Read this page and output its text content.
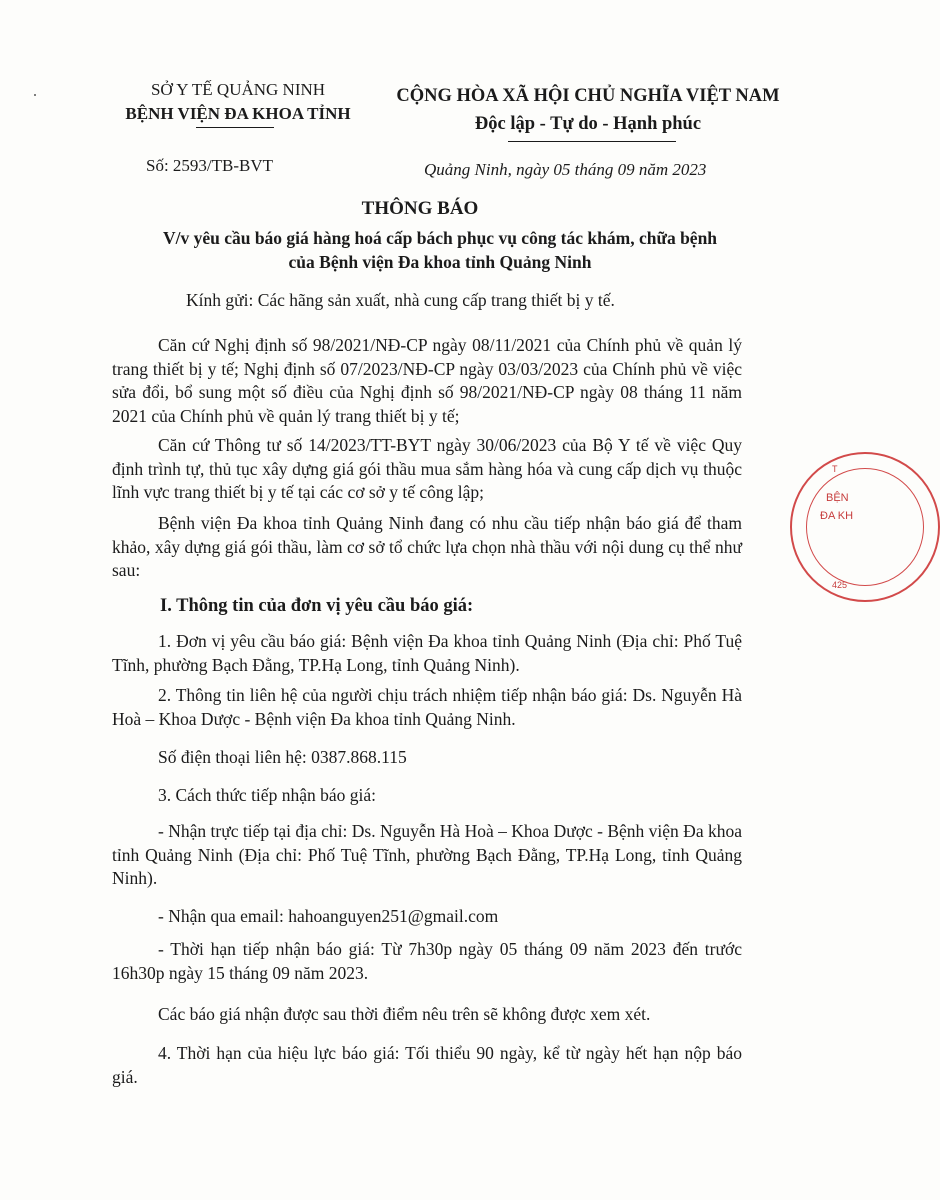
SỞ Y TẾ QUẢNG NINH
BỆNH VIỆN ĐA KHOA TỈNH
CỘNG HÒA XÃ HỘI CHỦ NGHĨA VIỆT NAM
Độc lập - Tự do - Hạnh phúc
Số: 2593/TB-BVT	Quảng Ninh, ngày 05 tháng 09 năm 2023
THÔNG BÁO
V/v yêu cầu báo giá hàng hoá cấp bách phục vụ công tác khám, chữa bệnh
của Bệnh viện Đa khoa tỉnh Quảng Ninh
Kính gửi: Các hãng sản xuất, nhà cung cấp trang thiết bị y tế.
Căn cứ Nghị định số 98/2021/NĐ-CP ngày 08/11/2021 của Chính phủ về quản lý trang thiết bị y tế; Nghị định số 07/2023/NĐ-CP ngày 03/03/2023 của Chính phủ về việc sửa đổi, bổ sung một số điều của Nghị định số 98/2021/NĐ-CP ngày 08 tháng 11 năm 2021 của Chính phủ về quản lý trang thiết bị y tế;
Căn cứ Thông tư số 14/2023/TT-BYT ngày 30/06/2023 của Bộ Y tế về việc Quy định trình tự, thủ tục xây dựng giá gói thầu mua sắm hàng hóa và cung cấp dịch vụ thuộc lĩnh vực trang thiết bị y tế tại các cơ sở y tế công lập;
Bệnh viện Đa khoa tỉnh Quảng Ninh đang có nhu cầu tiếp nhận báo giá để tham khảo, xây dựng giá gói thầu, làm cơ sở tổ chức lựa chọn nhà thầu với nội dung cụ thể như sau:
I. Thông tin của đơn vị yêu cầu báo giá:
1. Đơn vị yêu cầu báo giá: Bệnh viện Đa khoa tỉnh Quảng Ninh (Địa chỉ: Phố Tuệ Tĩnh, phường Bạch Đằng, TP.Hạ Long, tỉnh Quảng Ninh).
2. Thông tin liên hệ của người chịu trách nhiệm tiếp nhận báo giá: Ds. Nguyễn Hà Hoà – Khoa Dược - Bệnh viện Đa khoa tỉnh Quảng Ninh.
Số điện thoại liên hệ: 0387.868.115
3. Cách thức tiếp nhận báo giá:
- Nhận trực tiếp tại địa chỉ: Ds. Nguyễn Hà Hoà – Khoa Dược - Bệnh viện Đa khoa tỉnh Quảng Ninh (Địa chỉ: Phố Tuệ Tĩnh, phường Bạch Đằng, TP.Hạ Long, tỉnh Quảng Ninh).
- Nhận qua email: hahoanguyen251@gmail.com
- Thời hạn tiếp nhận báo giá: Từ 7h30p ngày 05 tháng 09 năm 2023 đến trước 16h30p ngày 15 tháng 09 năm 2023.
Các báo giá nhận được sau thời điểm nêu trên sẽ không được xem xét.
4. Thời hạn của hiệu lực báo giá: Tối thiểu 90 ngày, kể từ ngày hết hạn nộp báo giá.
T
BỆN
ĐA KH
425
